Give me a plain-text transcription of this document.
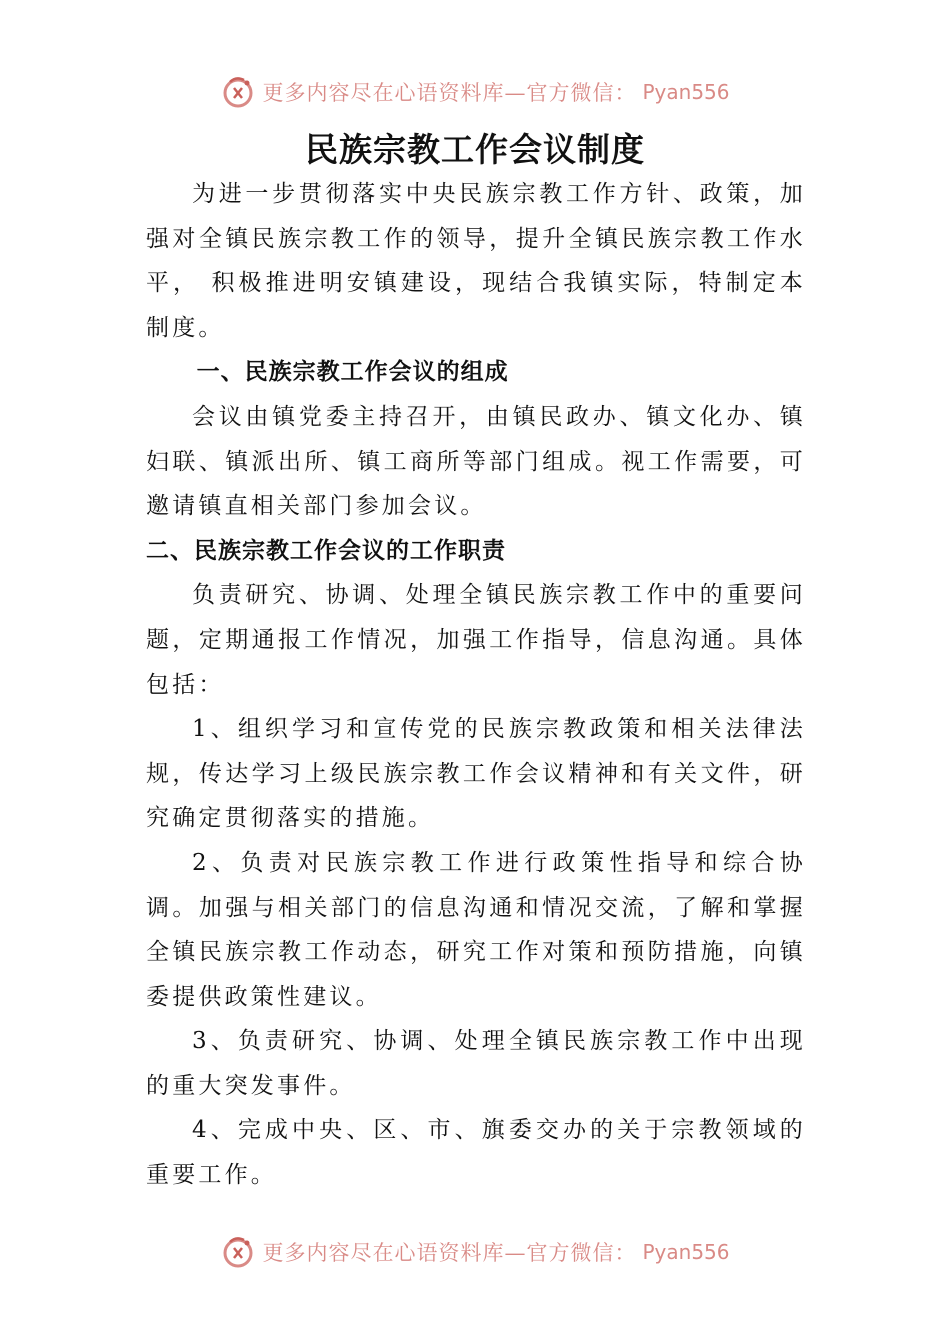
更多内容尽在心语资料库—官方微信： Pyan556
民族宗教工作会议制度

为进一步贯彻落实中央民族宗教工作方针、政策，加强对全镇民族宗教工作的领导，提升全镇民族宗教工作水平， 积极推进明安镇建设，现结合我镇实际，特制定本制度。

一、民族宗教工作会议的组成

会议由镇党委主持召开，由镇民政办、镇文化办、镇妇联、镇派出所、镇工商所等部门组成。视工作需要，可邀请镇直相关部门参加会议。

二、民族宗教工作会议的工作职责

负责研究、协调、处理全镇民族宗教工作中的重要问题，定期通报工作情况，加强工作指导，信息沟通。具体包括：

1、组织学习和宣传党的民族宗教政策和相关法律法规，传达学习上级民族宗教工作会议精神和有关文件，研究确定贯彻落实的措施。

2、负责对民族宗教工作进行政策性指导和综合协调。加强与相关部门的信息沟通和情况交流，了解和掌握全镇民族宗教工作动态，研究工作对策和预防措施，向镇委提供政策性建议。

3、负责研究、协调、处理全镇民族宗教工作中出现的重大突发事件。

4、完成中央、区、市、旗委交办的关于宗教领域的重要工作。

更多内容尽在心语资料库—官方微信： Pyan556
